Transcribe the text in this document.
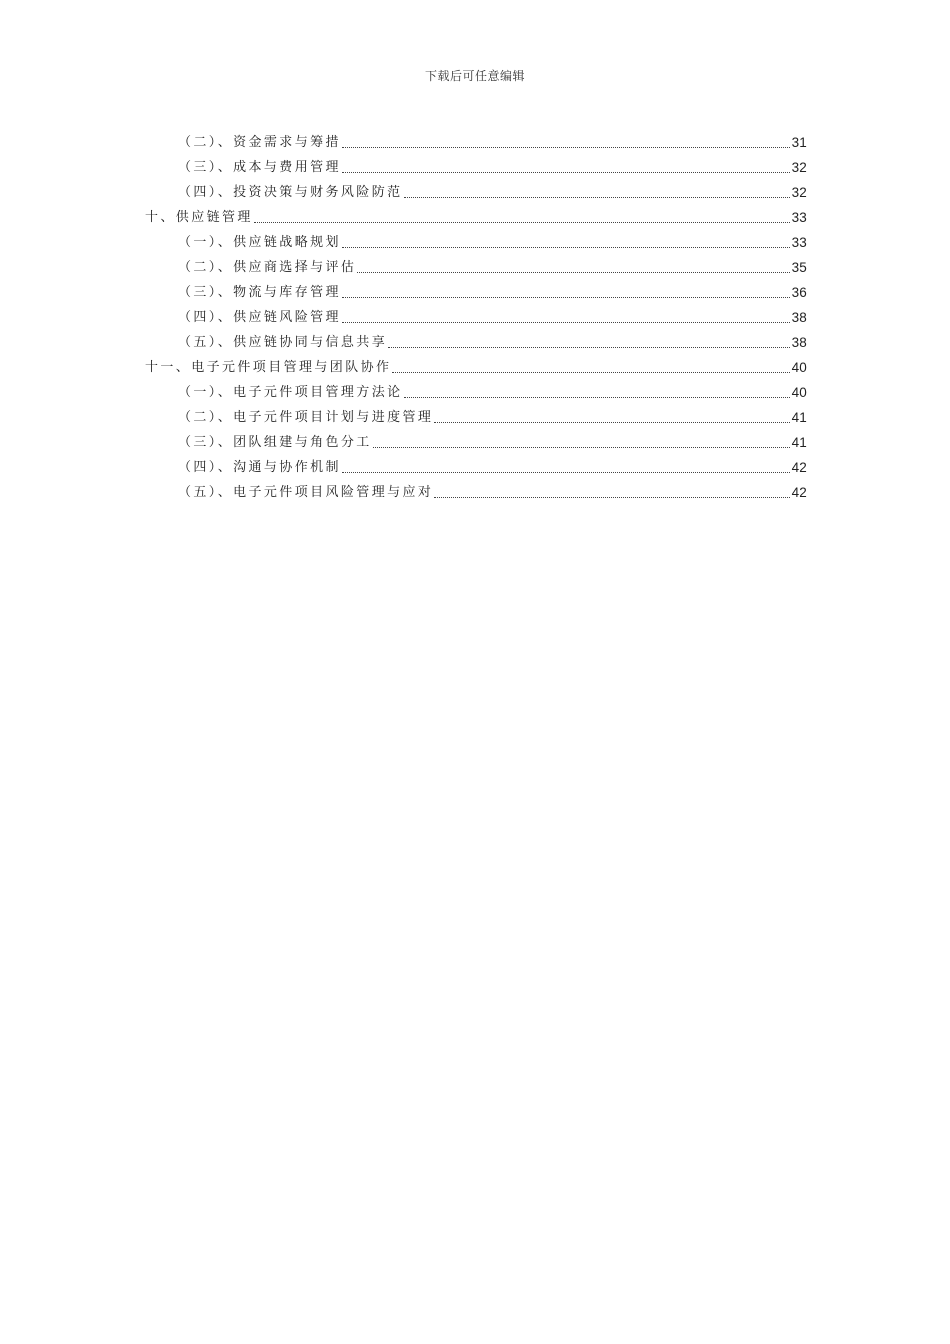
下载后可任意编辑
（二）、资金需求与筹措	31
（三）、成本与费用管理	32
（四）、投资决策与财务风险防范	32
十、供应链管理	33
（一）、供应链战略规划	33
（二）、供应商选择与评估	35
（三）、物流与库存管理	36
（四）、供应链风险管理	38
（五）、供应链协同与信息共享	38
十一、电子元件项目管理与团队协作	40
（一）、电子元件项目管理方法论	40
（二）、电子元件项目计划与进度管理	41
（三）、团队组建与角色分工	41
（四）、沟通与协作机制	42
（五）、电子元件项目风险管理与应对	42
